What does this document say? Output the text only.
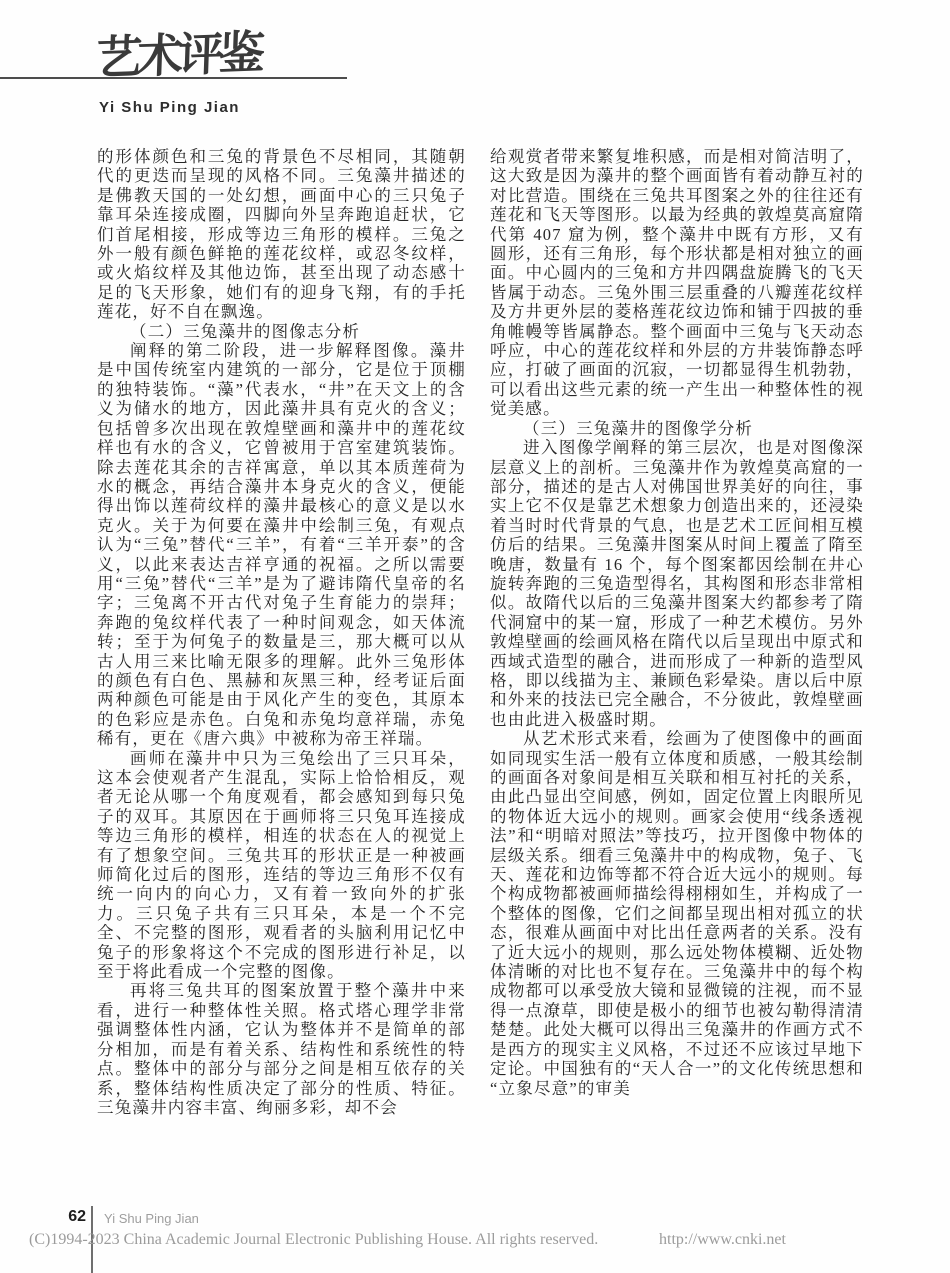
艺术评鉴
Yi Shu Ping Jian

的形体颜色和三兔的背景色不尽相同，其随朝代的更迭而呈现的风格不同。三兔藻井描述的是佛教天国的一处幻想，画面中心的三只兔子靠耳朵连接成圈，四脚向外呈奔跑追赶状，它们首尾相接，形成等边三角形的模样。三兔之外一般有颜色鲜艳的莲花纹样，或忍冬纹样，或火焰纹样及其他边饰，甚至出现了动态感十足的飞天形象，她们有的迎身飞翔，有的手托莲花，好不自在飘逸。

（二）三兔藻井的图像志分析

阐释的第二阶段，进一步解释图像。藻井是中国传统室内建筑的一部分，它是位于顶棚的独特装饰。“藻”代表水，“井”在天文上的含义为储水的地方，因此藻井具有克火的含义；包括曾多次出现在敦煌壁画和藻井中的莲花纹样也有水的含义，它曾被用于宫室建筑装饰。除去莲花其余的吉祥寓意，单以其本质莲荷为水的概念，再结合藻井本身克火的含义，便能得出饰以莲荷纹样的藻井最核心的意义是以水克火。关于为何要在藻井中绘制三兔，有观点认为“三兔”替代“三羊”，有着“三羊开泰”的含义，以此来表达吉祥亨通的祝福。之所以需要用“三兔”替代“三羊”是为了避讳隋代皇帝的名字；三兔离不开古代对兔子生育能力的崇拜；奔跑的兔纹样代表了一种时间观念，如天体流转；至于为何兔子的数量是三，那大概可以从古人用三来比喻无限多的理解。此外三兔形体的颜色有白色、黑赫和灰黑三种，经考证后面两种颜色可能是由于风化产生的变色，其原本的色彩应是赤色。白兔和赤兔均意祥瑞，赤兔稀有，更在《唐六典》中被称为帝王祥瑞。

画师在藻井中只为三兔绘出了三只耳朵，这本会使观者产生混乱，实际上恰恰相反，观者无论从哪一个角度观看，都会感知到每只兔子的双耳。其原因在于画师将三只兔耳连接成等边三角形的模样，相连的状态在人的视觉上有了想象空间。三兔共耳的形状正是一种被画师简化过后的图形，连结的等边三角形不仅有统一向内的向心力，又有着一致向外的扩张力。三只兔子共有三只耳朵，本是一个不完全、不完整的图形，观看者的头脑利用记忆中兔子的形象将这个不完成的图形进行补足，以至于将此看成一个完整的图像。

再将三兔共耳的图案放置于整个藻井中来看，进行一种整体性关照。格式塔心理学非常强调整体性内涵，它认为整体并不是简单的部分相加，而是有着关系、结构性和系统性的特点。整体中的部分与部分之间是相互依存的关系，整体结构性质决定了部分的性质、特征。三兔藻井内容丰富、绚丽多彩，却不会

给观赏者带来繁复堆积感，而是相对简洁明了，这大致是因为藻井的整个画面皆有着动静互衬的对比营造。围绕在三兔共耳图案之外的往往还有莲花和飞天等图形。以最为经典的敦煌莫高窟隋代第 407 窟为例，整个藻井中既有方形，又有圆形，还有三角形，每个形状都是相对独立的画面。中心圆内的三兔和方井四隅盘旋腾飞的飞天皆属于动态。三兔外围三层重叠的八瓣莲花纹样及方井更外层的菱格莲花纹边饰和铺于四披的垂角帷幔等皆属静态。整个画面中三兔与飞天动态呼应，中心的莲花纹样和外层的方井装饰静态呼应，打破了画面的沉寂，一切都显得生机勃勃，可以看出这些元素的统一产生出一种整体性的视觉美感。

（三）三兔藻井的图像学分析

进入图像学阐释的第三层次，也是对图像深层意义上的剖析。三兔藻井作为敦煌莫高窟的一部分，描述的是古人对佛国世界美好的向往，事实上它不仅是靠艺术想象力创造出来的，还浸染着当时时代背景的气息，也是艺术工匠间相互模仿后的结果。三兔藻井图案从时间上覆盖了隋至晚唐，数量有 16 个，每个图案都因绘制在井心旋转奔跑的三兔造型得名，其构图和形态非常相似。故隋代以后的三兔藻井图案大约都参考了隋代洞窟中的某一窟，形成了一种艺术模仿。另外敦煌壁画的绘画风格在隋代以后呈现出中原式和西域式造型的融合，进而形成了一种新的造型风格，即以线描为主、兼顾色彩晕染。唐以后中原和外来的技法已完全融合，不分彼此，敦煌壁画也由此进入极盛时期。

从艺术形式来看，绘画为了使图像中的画面如同现实生活一般有立体度和质感，一般其绘制的画面各对象间是相互关联和相互衬托的关系，由此凸显出空间感，例如，固定位置上肉眼所见的物体近大远小的规则。画家会使用“线条透视法”和“明暗对照法”等技巧，拉开图像中物体的层级关系。细看三兔藻井中的构成物，兔子、飞天、莲花和边饰等都不符合近大远小的规则。每个构成物都被画师描绘得栩栩如生，并构成了一个整体的图像，它们之间都呈现出相对孤立的状态，很难从画面中对比出任意两者的关系。没有了近大远小的规则，那么远处物体模糊、近处物体清晰的对比也不复存在。三兔藻井中的每个构成物都可以承受放大镜和显微镜的注视，而不显得一点潦草，即使是极小的细节也被勾勒得清清楚楚。此处大概可以得出三兔藻井的作画方式不是西方的现实主义风格，不过还不应该过早地下定论。中国独有的“天人合一”的文化传统思想和“立象尽意”的审美

62 Yi Shu Ping Jian
(C)1994-2023 China Academic Journal Electronic Publishing House. All rights reserved.	http://www.cnki.net
